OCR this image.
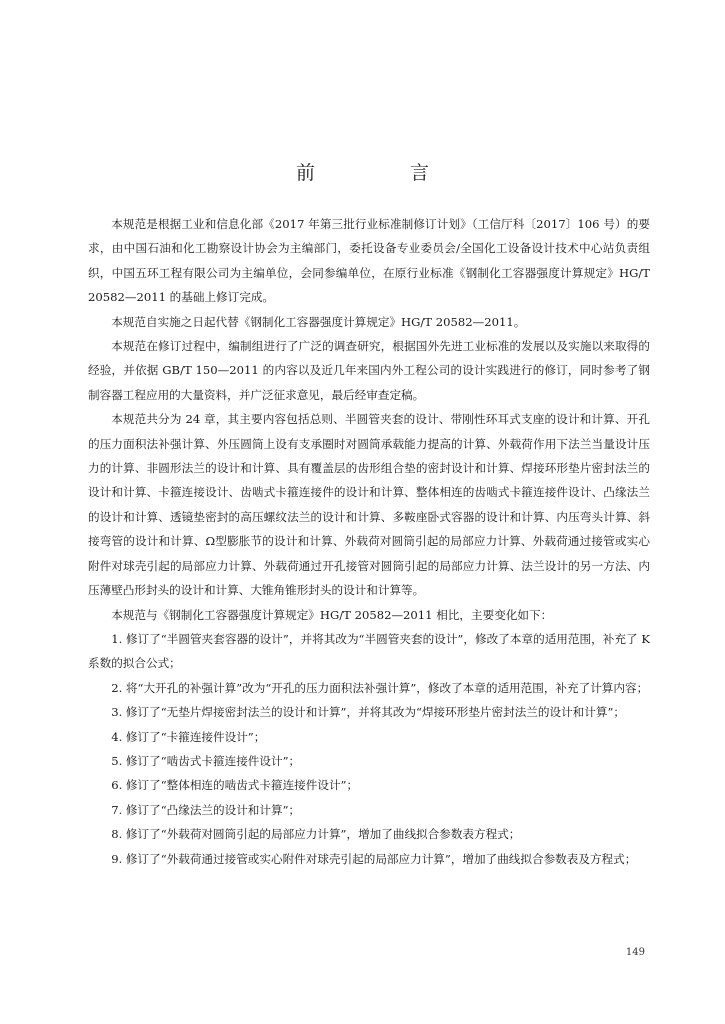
前　言

本规范是根据工业和信息化部《2017 年第三批行业标准制修订计划》（工信厅科〔2017〕106 号）的要求，由中国石油和化工勘察设计协会为主编部门，委托设备专业委员会/全国化工设备设计技术中心站负责组织，中国五环工程有限公司为主编单位，会同参编单位，在原行业标准《钢制化工容器强度计算规定》HG/T 20582—2011 的基础上修订完成。

本规范自实施之日起代替《钢制化工容器强度计算规定》HG/T 20582—2011。

本规范在修订过程中，编制组进行了广泛的调查研究，根据国外先进工业标准的发展以及实施以来取得的经验，并依据 GB/T 150—2011 的内容以及近几年来国内外工程公司的设计实践进行的修订，同时参考了钢制容器工程应用的大量资料，并广泛征求意见，最后经审查定稿。

本规范共分为 24 章，其主要内容包括总则、半圆管夹套的设计、带刚性环耳式支座的设计和计算、开孔的压力面积法补强计算、外压圆筒上设有支承圈时对圆筒承载能力提高的计算、外载荷作用下法兰当量设计压力的计算、非圆形法兰的设计和计算、具有覆盖层的齿形组合垫的密封设计和计算、焊接环形垫片密封法兰的设计和计算、卡箍连接设计、齿啮式卡箍连接件的设计和计算、整体相连的齿啮式卡箍连接件设计、凸缘法兰的设计和计算、透镜垫密封的高压螺纹法兰的设计和计算、多鞍座卧式容器的设计和计算、内压弯头计算、斜接弯管的设计和计算、Ω型膨胀节的设计和计算、外载荷对圆筒引起的局部应力计算、外载荷通过接管或实心附件对球壳引起的局部应力计算、外载荷通过开孔接管对圆筒引起的局部应力计算、法兰设计的另一方法、内压薄壁凸形封头的设计和计算、大锥角锥形封头的设计和计算等。

本规范与《钢制化工容器强度计算规定》HG/T 20582—2011 相比，主要变化如下：

1. 修订了“半圆管夹套容器的设计”，并将其改为“半圆管夹套的设计”，修改了本章的适用范围，补充了 K 系数的拟合公式；

2. 将“大开孔的补强计算”改为“开孔的压力面积法补强计算”，修改了本章的适用范围，补充了计算内容；

3. 修订了“无垫片焊接密封法兰的设计和计算”，并将其改为“焊接环形垫片密封法兰的设计和计算”；

4. 修订了“卡箍连接件设计”；

5. 修订了“啮齿式卡箍连接件设计”；

6. 修订了“整体相连的啮齿式卡箍连接件设计”；

7. 修订了“凸缘法兰的设计和计算”；

8. 修订了“外载荷对圆筒引起的局部应力计算”，增加了曲线拟合参数表方程式；

9. 修订了“外载荷通过接管或实心附件对球壳引起的局部应力计算”，增加了曲线拟合参数表及方程式；

149
